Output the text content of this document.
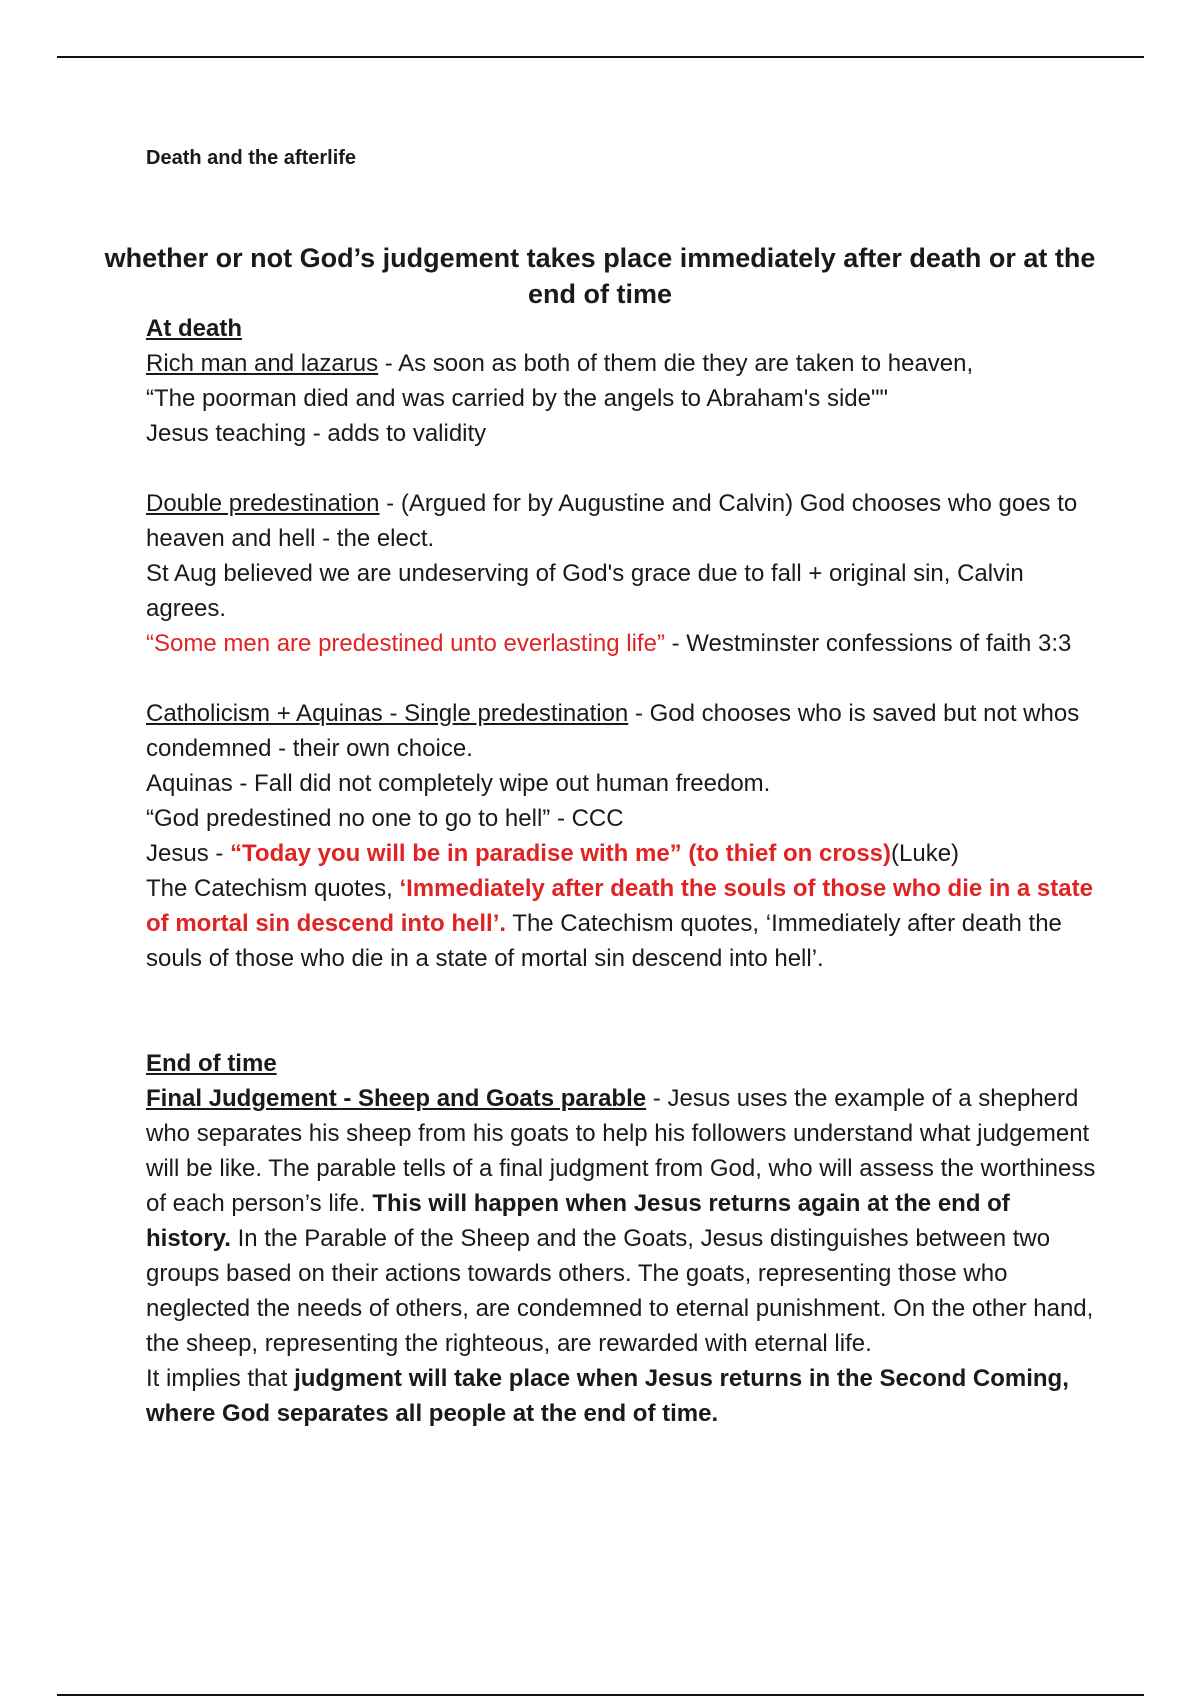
Death and the afterlife

whether or not God’s judgement takes place immediately after death or at the end of time
At death

Rich man and lazarus - As soon as both of them die they are taken to heaven,

“The poorman died and was carried by the angels to Abraham's side""

Jesus teaching - adds to validity

Double predestination - (Argued for by Augustine and Calvin) God chooses who goes to heaven and hell - the elect.

St Aug believed we are undeserving of God's grace due to fall + original sin, Calvin agrees.

“Some men are predestined unto everlasting life” - Westminster confessions of faith 3:3

Catholicism + Aquinas - Single predestination - God chooses who is saved but not whos condemned - their own choice.

Aquinas - Fall did not completely wipe out human freedom.

“God predestined no one to go to hell” - CCC

Jesus - “Today you will be in paradise with me” (to thief on cross)(Luke)

The Catechism quotes, ‘Immediately after death the souls of those who die in a state of mortal sin descend into hell’. The Catechism quotes, ‘Immediately after death the souls of those who die in a state of mortal sin descend into hell’.

End of time

Final Judgement - Sheep and Goats parable - Jesus uses the example of a shepherd who separates his sheep from his goats to help his followers understand what judgement will be like. The parable tells of a final judgment from God, who will assess the worthiness of each person’s life. This will happen when Jesus returns again at the end of history. In the Parable of the Sheep and the Goats, Jesus distinguishes between two groups based on their actions towards others. The goats, representing those who neglected the needs of others, are condemned to eternal punishment. On the other hand, the sheep, representing the righteous, are rewarded with eternal life.

It implies that judgment will take place when Jesus returns in the Second Coming, where God separates all people at the end of time.
